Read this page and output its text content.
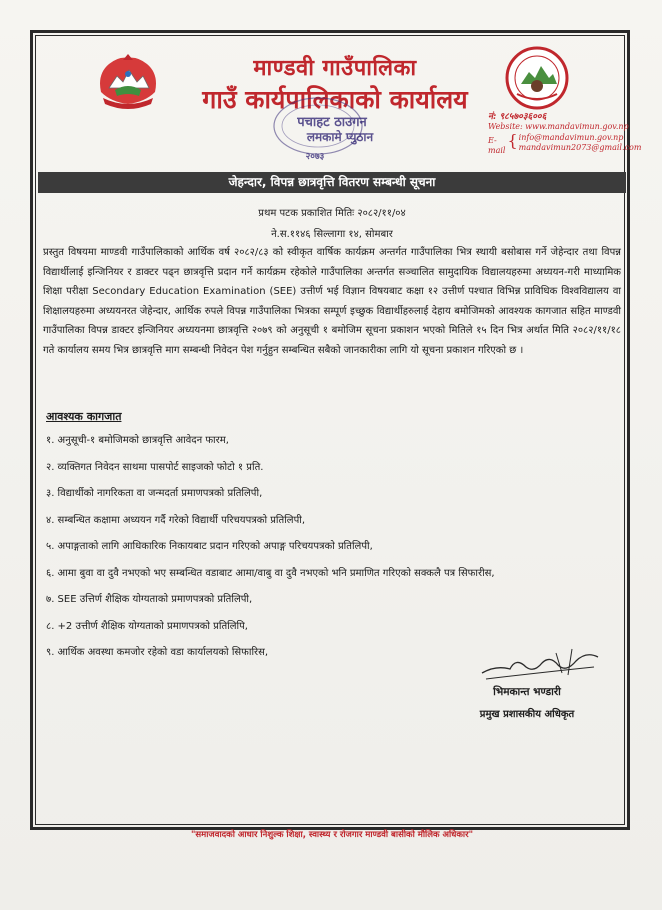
माण्डवी गाउँपालिका
गाउँ कार्यपालिकाको कार्यालय
पचाहट ठाउगन
लमकामे प्युठान
२०७३
नं: ९८५७०३६००६
Website: www.mandavimun.gov.np
E-mail
{ info@mandavimun.gov.np
mandavimun2073@gmail.com
जेहन्दार, विपन्न छात्रवृत्ति वितरण सम्बन्धी सूचना
प्रथम पटक प्रकाशित मितिः २०८२/११/०४
ने.स.११४६ सिल्लागा १४, सोमबार
प्रस्तुत विषयमा माण्डवी गाउँपालिकाको आर्थिक वर्ष २०८२/८३ को स्वीकृत वार्षिक कार्यक्रम अन्तर्गत गाउँपालिका भित्र स्थायी बसोबास गर्ने जेहेन्दार तथा विपन्न विद्यार्थीलाई इन्जिनियर र डाक्टर पढ्न छात्रवृत्ति प्रदान गर्ने कार्यक्रम रहेकोले गाउँपालिका अन्तर्गत सञ्चालित सामुदायिक विद्यालयहरुमा अध्ययन-गरी माध्यामिक शिक्षा परीक्षा Secondary Education Examination (SEE) उत्तीर्ण भई विज्ञान विषयबाट कक्षा १२ उत्तीर्ण पश्चात विभिन्न प्राविधिक विश्वविद्यालय वा शिक्षालयहरुमा अध्ययनरत जेहेन्दार, आर्थिक रुपले विपन्न गाउँपालिका भित्रका सम्पूर्ण इच्छुक विद्यार्थीहरुलाई देहाय बमोजिमको आवश्यक कागजात सहित माण्डवी गाउँपालिका विपन्न डाक्टर इन्जिनियर अध्ययनमा छात्रवृत्ति २०७९ को अनुसूची १ बमोजिम सूचना प्रकाशन भएको मितिले १५ दिन भित्र अर्थात मिति २०८२/११/१८ गते कार्यालय समय भित्र छात्रवृत्ति माग सम्बन्धी निवेदन पेश गर्नुहुन सम्बन्धित सबैको जानकारीका लागि यो सूचना प्रकाशन गरिएको छ ।
आवश्यक कागजात
१. अनुसूची-१ बमोजिमको छात्रवृत्ति आवेदन फारम,
२. व्यक्तिगत निवेदन साथमा पासपोर्ट साइजको फोटो १ प्रति.
३. विद्यार्थीको नागरिकता वा जन्मदर्ता प्रमाणपत्रको प्रतिलिपी,
४. सम्बन्धित कक्षामा अध्ययन गर्दै गरेको विद्यार्थी परिचयपत्रको प्रतिलिपी,
५. अपाङ्गताको लागि आधिकारिक निकायबाट प्रदान गरिएको अपाङ्ग परिचयपत्रको प्रतिलिपी,
६. आमा बुवा वा दुवै नभएको भए सम्बन्धित वडाबाट आमा/वाबु वा दुवै नभएको भनि प्रमाणित गरिएको सक्कलै पत्र सिफारीस,
७. SEE उत्तिर्ण शैक्षिक योग्यताको प्रमाणपत्रको प्रतिलिपी,
८. +2 उत्तीर्ण शैक्षिक योग्यताको प्रमाणपत्रको प्रतिलिपि,
९. आर्थिक अवस्था कमजोर रहेको वडा कार्यालयको सिफारिस,
भिमकान्त भण्डारी
प्रमुख प्रशासकीय अधिकृत
"समाजवादको आधार निशुल्क शिक्षा, स्वास्थ्य र रोजगार माण्डवी बासीको मौलिक अधिकार"
